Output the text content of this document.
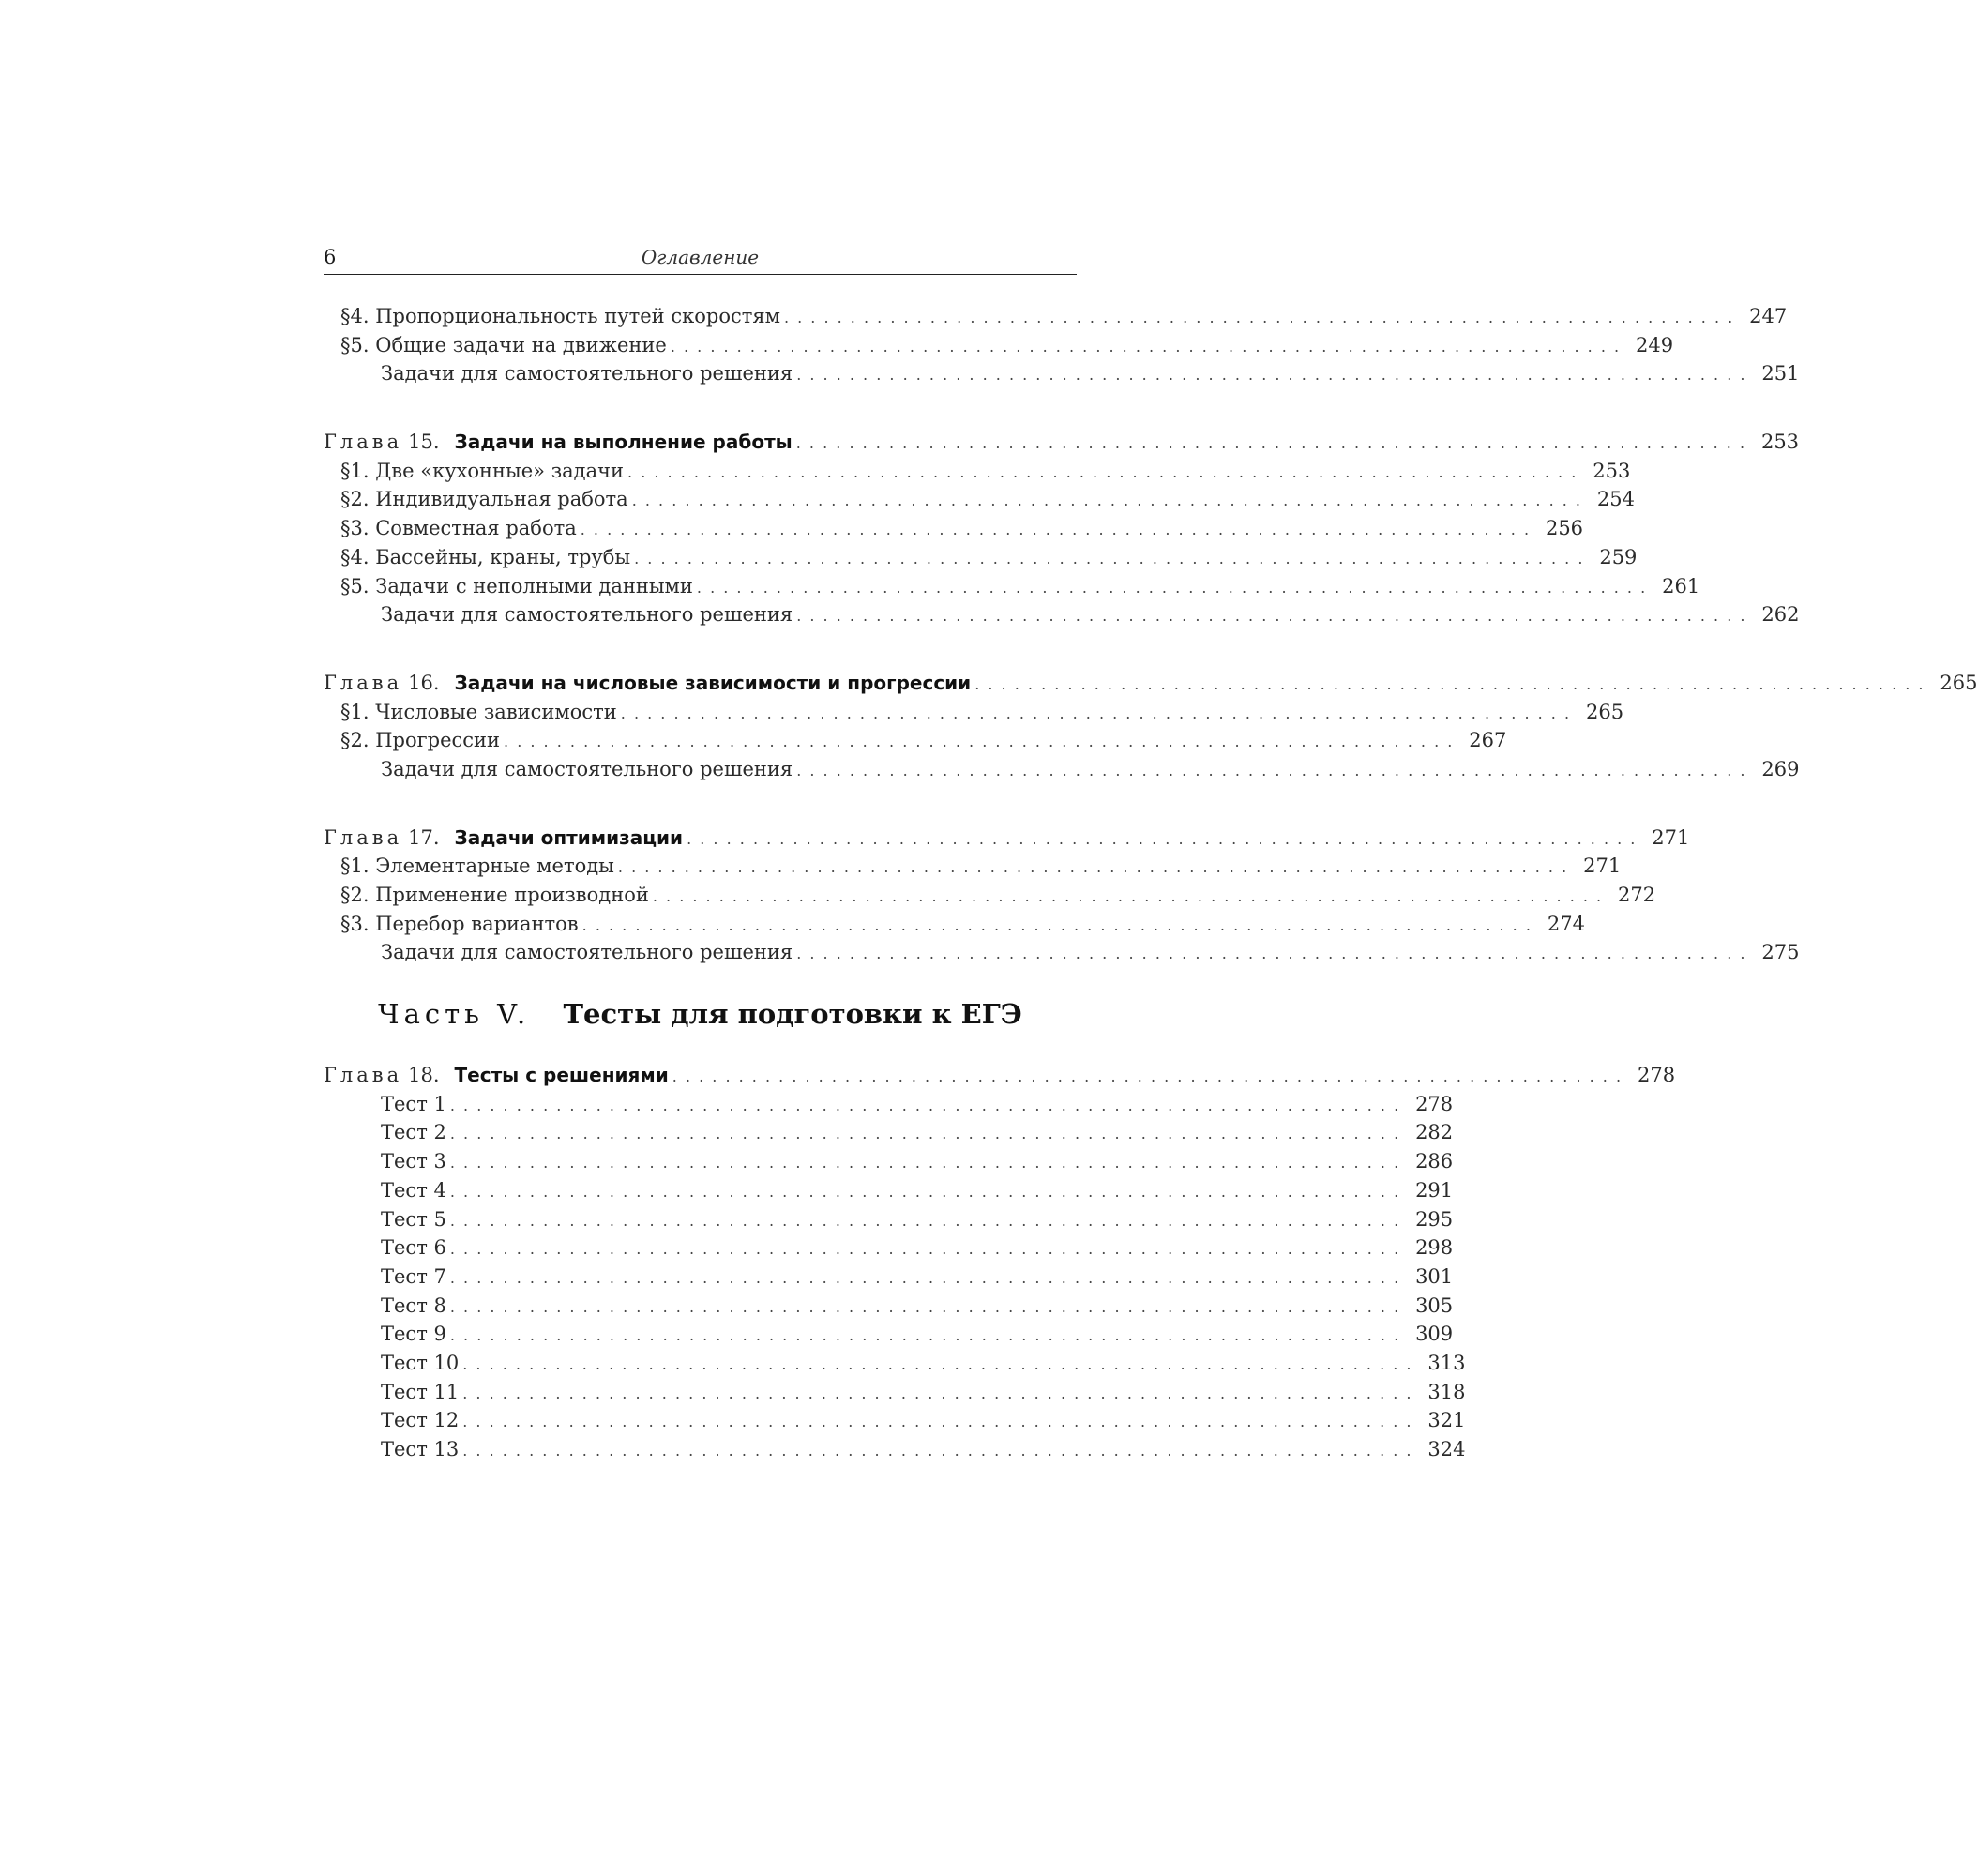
6	Оглавление
§ 4. Пропорциональность путей скоростям . . .	247
§ 5. Общие задачи на движение . . .	249
Задачи для самостоятельного решения . . .	251
Глава 15. Задачи на выполнение работы . . .	253
§ 1. Две «кухонные» задачи . . .	253
§ 2. Индивидуальная работа . . .	254
§ 3. Совместная работа . . .	256
§ 4. Бассейны, краны, трубы . . .	259
§ 5. Задачи с неполными данными . . .	261
Задачи для самостоятельного решения . . .	262
Глава 16. Задачи на числовые зависимости и прогрессии . . .	265
§ 1. Числовые зависимости . . .	265
§ 2. Прогрессии . . .	267
Задачи для самостоятельного решения . . .	269
Глава 17. Задачи оптимизации . . .	271
§ 1. Элементарные методы . . .	271
§ 2. Применение производной . . .	272
§ 3. Перебор вариантов . . .	274
Задачи для самостоятельного решения . . .	275
Часть V. Тесты для подготовки к ЕГЭ
Глава 18. Тесты с решениями . . .	278
Тест 1 . . .	278
Тест 2 . . .	282
Тест 3 . . .	286
Тест 4 . . .	291
Тест 5 . . .	295
Тест 6 . . .	298
Тест 7 . . .	301
Тест 8 . . .	305
Тест 9 . . .	309
Тест 10 . . .	313
Тест 11 . . .	318
Тест 12 . . .	321
Тест 13 . . .	324
